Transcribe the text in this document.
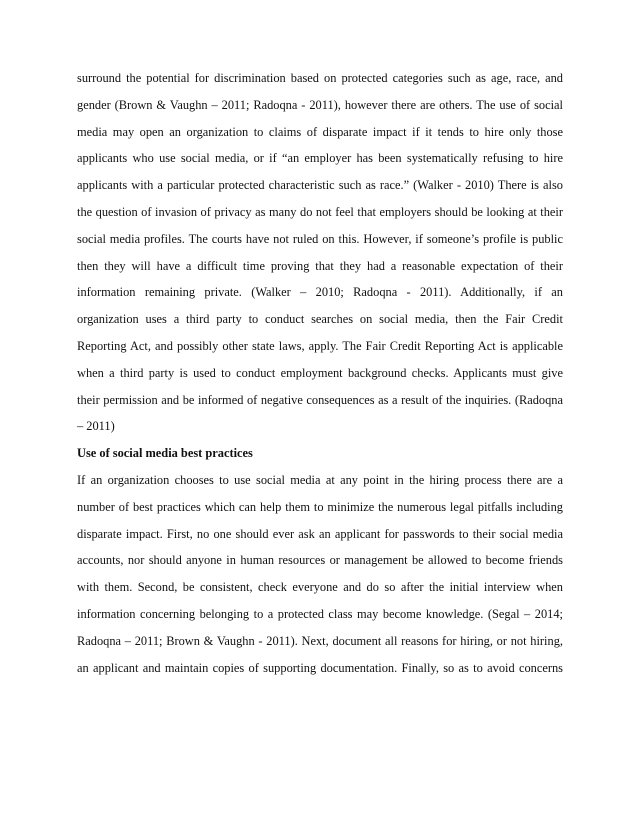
surround the potential for discrimination based on protected categories such as age, race, and
gender (Brown & Vaughn – 2011; Radoqna - 2011), however there are others. The use of social
media may open an organization to claims of disparate impact if it tends to hire only those
applicants who use social media, or if “an employer has been systematically refusing to hire
applicants with a particular protected characteristic such as race.” (Walker - 2010) There is also
the question of invasion of privacy as many do not feel that employers should be looking at their
social media profiles. The courts have not ruled on this. However, if someone’s profile is public
then they will have a difficult time proving that they had a reasonable expectation of their
information remaining private. (Walker – 2010; Radoqna - 2011). Additionally, if an
organization uses a third party to conduct searches on social media, then the Fair Credit
Reporting Act, and possibly other state laws, apply. The Fair Credit Reporting Act is applicable
when a third party is used to conduct employment background checks. Applicants must give
their permission and be informed of negative consequences as a result of the inquiries. (Radoqna
– 2011)
Use of social media best practices
If an organization chooses to use social media at any point in the hiring process there are a
number of best practices which can help them to minimize the numerous legal pitfalls including
disparate impact. First, no one should ever ask an applicant for passwords to their social media
accounts, nor should anyone in human resources or management be allowed to become friends
with them. Second, be consistent, check everyone and do so after the initial interview when
information concerning belonging to a protected class may become knowledge. (Segal – 2014;
Radoqna – 2011; Brown & Vaughn - 2011). Next, document all reasons for hiring, or not hiring,
an applicant and maintain copies of supporting documentation. Finally, so as to avoid concerns
